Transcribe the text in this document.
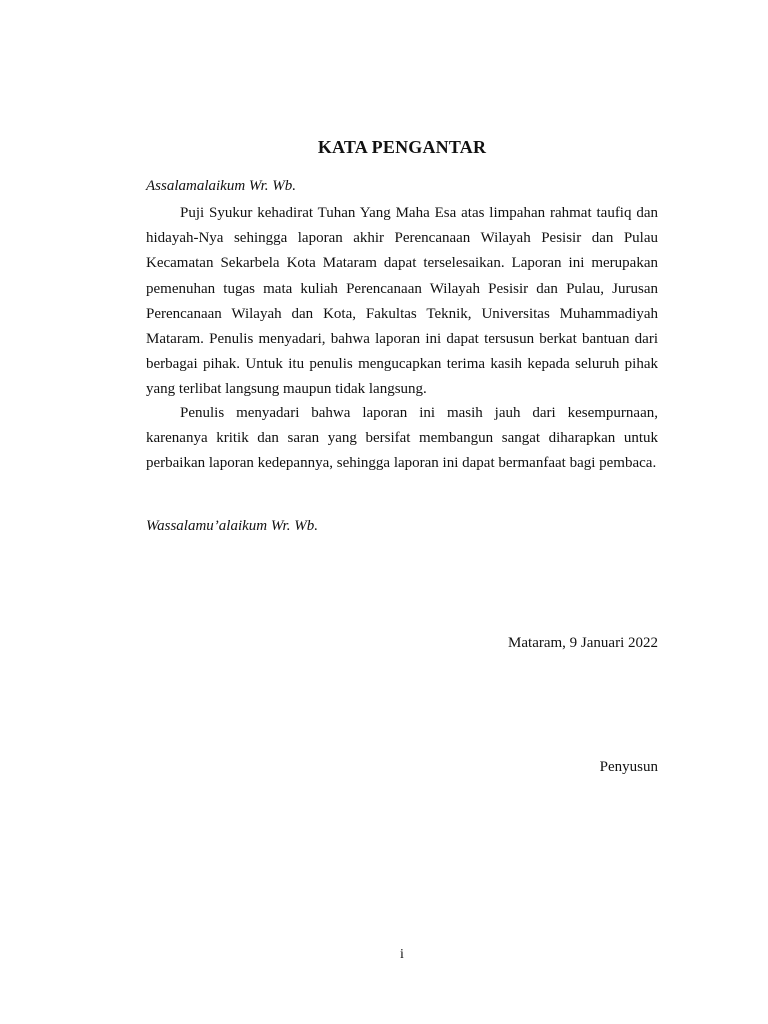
KATA PENGANTAR
Assalamalaikum Wr. Wb.

Puji Syukur kehadirat Tuhan Yang Maha Esa atas limpahan rahmat taufiq dan hidayah-Nya sehingga laporan akhir Perencanaan Wilayah Pesisir dan Pulau Kecamatan Sekarbela Kota Mataram dapat terselesaikan. Laporan ini merupakan pemenuhan tugas mata kuliah Perencanaan Wilayah Pesisir dan Pulau, Jurusan Perencanaan Wilayah dan Kota, Fakultas Teknik, Universitas Muhammadiyah Mataram. Penulis menyadari, bahwa laporan ini dapat tersusun berkat bantuan dari berbagai pihak. Untuk itu penulis mengucapkan terima kasih kepada seluruh pihak yang terlibat langsung maupun tidak langsung.

Penulis menyadari bahwa laporan ini masih jauh dari kesempurnaan, karenanya kritik dan saran yang bersifat membangun sangat diharapkan untuk perbaikan laporan kedepannya, sehingga laporan ini dapat bermanfaat bagi pembaca.

Wassalamu’alaikum Wr. Wb.
Mataram, 9 Januari 2022
Penyusun
i
